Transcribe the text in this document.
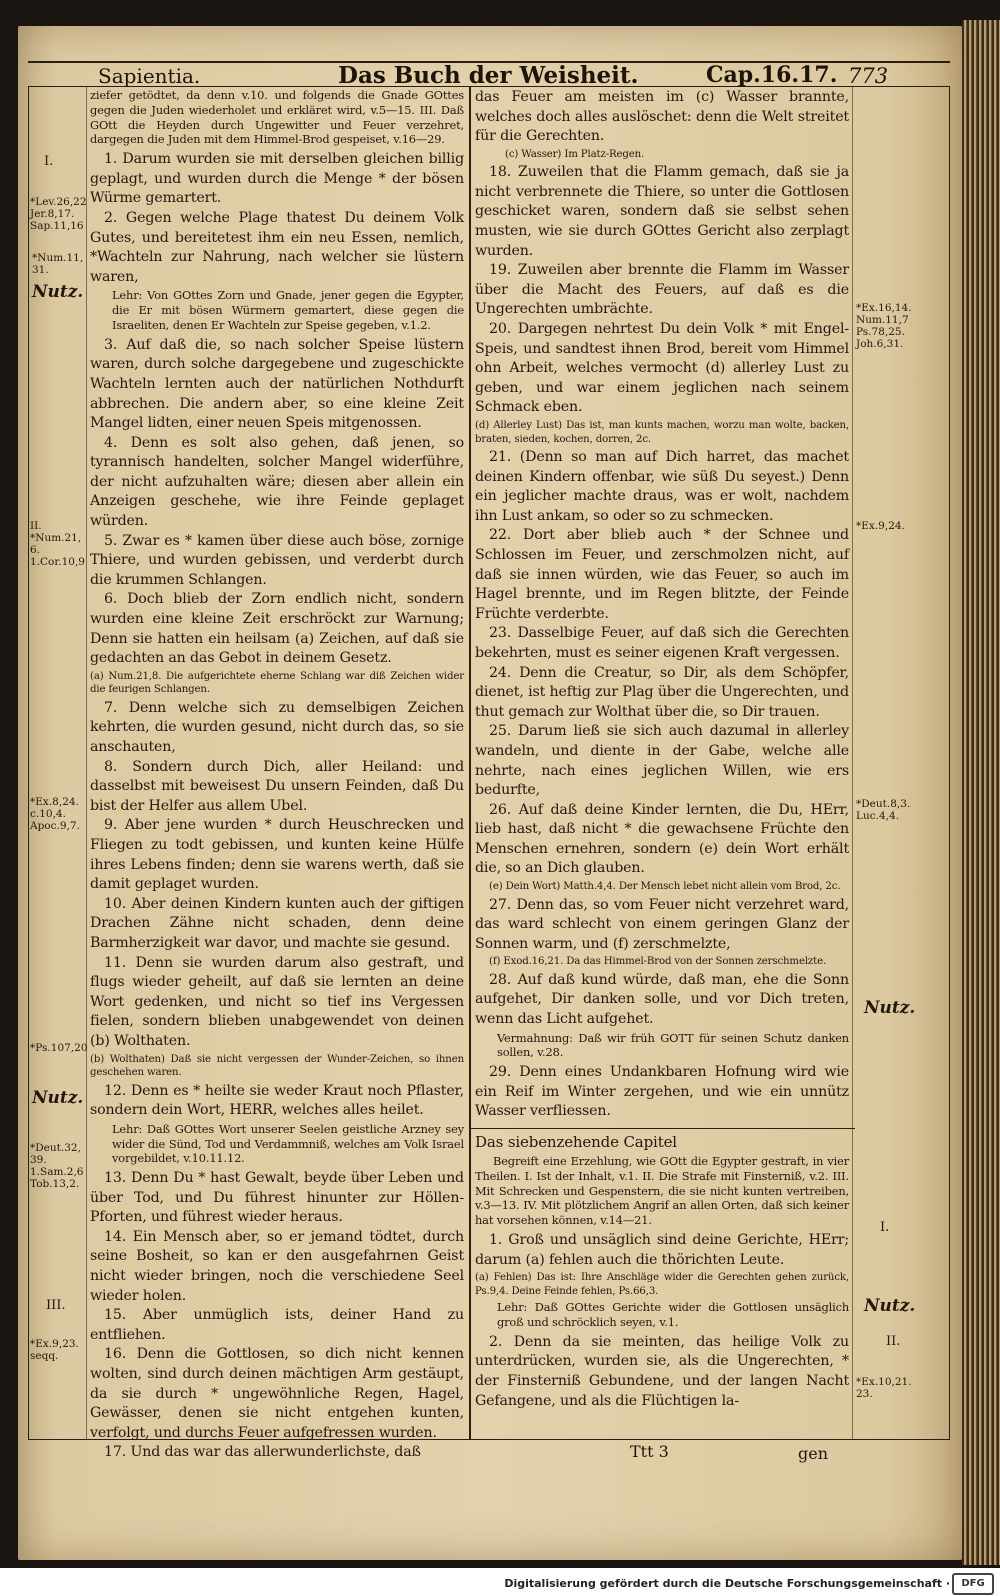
Sapientia.	Das Buch der Weisheit.	Cap.16.17. 773

ziefer getödtet, da denn v.10. und folgends die Gnade GOttes gegen die Juden wiederholet und erkläret wird, v.5—15. III. Daß GOtt die Heyden durch Ungewitter und Feuer verzehret, dargegen die Juden mit dem Himmel-Brod gespeiset, v.16—29.

1. Darum wurden sie mit derselben gleichen billig geplagt, und wurden durch die Menge * der bösen Würme gemartert.

2. Gegen welche Plage thatest Du deinem Volk Gutes, und bereitetest ihm ein neu Essen, nemlich, *Wachteln zur Nahrung, nach welcher sie lüstern waren,

Lehr: Von GOttes Zorn und Gnade, jener gegen die Egypter, die Er mit bösen Würmern gemartert, diese gegen die Israeliten, denen Er Wachteln zur Speise gegeben, v.1.2.

3. Auf daß die, so nach solcher Speise lüstern waren, durch solche dargegebene und zugeschickte Wachteln lernten auch der natürlichen Nothdurft abbrechen. Die andern aber, so eine kleine Zeit Mangel lidten, einer neuen Speis mitgenossen.

4. Denn es solt also gehen, daß jenen, so tyrannisch handelten, solcher Mangel widerführe, der nicht aufzuhalten wäre; diesen aber allein ein Anzeigen geschehe, wie ihre Feinde geplaget würden.

5. Zwar es * kamen über diese auch böse, zornige Thiere, und wurden gebissen, und verderbt durch die krummen Schlangen.

6. Doch blieb der Zorn endlich nicht, sondern wurden eine kleine Zeit erschröckt zur Warnung; Denn sie hatten ein heilsam (a) Zeichen, auf daß sie gedachten an das Gebot in deinem Gesetz.

(a) Num.21,8. Die aufgerichtete eherne Schlang war diß Zeichen wider die feurigen Schlangen.

7. Denn welche sich zu demselbigen Zeichen kehrten, die wurden gesund, nicht durch das, so sie anschauten,

8. Sondern durch Dich, aller Heiland: und dasselbst mit beweisest Du unsern Feinden, daß Du bist der Helfer aus allem Ubel.

9. Aber jene wurden * durch Heuschrecken und Fliegen zu todt gebissen, und kunten keine Hülfe ihres Lebens finden; denn sie warens werth, daß sie damit geplaget wurden.

10. Aber deinen Kindern kunten auch der giftigen Drachen Zähne nicht schaden, denn deine Barmherzigkeit war davor, und machte sie gesund.

11. Denn sie wurden darum also gestraft, und flugs wieder geheilt, auf daß sie lernten an deine Wort gedenken, und nicht so tief ins Vergessen fielen, sondern blieben unabgewendet von deinen (b) Wolthaten.

(b) Wolthaten) Daß sie nicht vergessen der Wunder-Zeichen, so ihnen geschehen waren.

12. Denn es * heilte sie weder Kraut noch Pflaster, sondern dein Wort, HERR, welches alles heilet.

Lehr: Daß GOttes Wort unserer Seelen geistliche Arzney sey wider die Sünd, Tod und Verdammniß, welches am Volk Israel vorgebildet, v.10.11.12.

13. Denn Du * hast Gewalt, beyde über Leben und über Tod, und Du führest hinunter zur Höllen-Pforten, und führest wieder heraus.

14. Ein Mensch aber, so er jemand tödtet, durch seine Bosheit, so kan er den ausgefahrnen Geist nicht wieder bringen, noch die verschiedene Seel wieder holen.

15. Aber unmüglich ists, deiner Hand zu entfliehen.

16. Denn die Gottlosen, so dich nicht kennen wolten, sind durch deinen mächtigen Arm gestäupt, da sie durch * ungewöhnliche Regen, Hagel, Gewässer, denen sie nicht entgehen kunten, verfolgt, und durchs Feuer aufgefressen wurden.

17. Und das war das allerwunderlichste, daß

das Feuer am meisten im (c) Wasser brannte, welches doch alles auslöschet: denn die Welt streitet für die Gerechten.

(c) Wasser) Im Platz-Regen.

18. Zuweilen that die Flamm gemach, daß sie ja nicht verbrennete die Thiere, so unter die Gottlosen geschicket waren, sondern daß sie selbst sehen musten, wie sie durch GOttes Gericht also zerplagt wurden.

19. Zuweilen aber brennte die Flamm im Wasser über die Macht des Feuers, auf daß es die Ungerechten umbrächte.

20. Dargegen nehrtest Du dein Volk * mit Engel-Speis, und sandtest ihnen Brod, bereit vom Himmel ohn Arbeit, welches vermocht (d) allerley Lust zu geben, und war einem jeglichen nach seinem Schmack eben.

(d) Allerley Lust) Das ist, man kunts machen, worzu man wolte, backen, braten, sieden, kochen, dorren, 2c.

21. (Denn so man auf Dich harret, das machet deinen Kindern offenbar, wie süß Du seyest.) Denn ein jeglicher machte draus, was er wolt, nachdem ihn Lust ankam, so oder so zu schmecken.

22. Dort aber blieb auch * der Schnee und Schlossen im Feuer, und zerschmolzen nicht, auf daß sie innen würden, wie das Feuer, so auch im Hagel brennte, und im Regen blitzte, der Feinde Früchte verderbte.

23. Dasselbige Feuer, auf daß sich die Gerechten bekehrten, must es seiner eigenen Kraft vergessen.

24. Denn die Creatur, so Dir, als dem Schöpfer, dienet, ist heftig zur Plag über die Ungerechten, und thut gemach zur Wolthat über die, so Dir trauen.

25. Darum ließ sie sich auch dazumal in allerley wandeln, und diente in der Gabe, welche alle nehrte, nach eines jeglichen Willen, wie ers bedurfte,

26. Auf daß deine Kinder lernten, die Du, HErr, lieb hast, daß nicht * die gewachsene Früchte den Menschen ernehren, sondern (e) dein Wort erhält die, so an Dich glauben.

(e) Dein Wort) Matth.4,4. Der Mensch lebet nicht allein vom Brod, 2c.

27. Denn das, so vom Feuer nicht verzehret ward, das ward schlecht von einem geringen Glanz der Sonnen warm, und (f) zerschmelzte,

(f) Exod.16,21. Da das Himmel-Brod von der Sonnen zerschmelzte.

28. Auf daß kund würde, daß man, ehe die Sonn aufgehet, Dir danken solle, und vor Dich treten, wenn das Licht aufgehet.

Vermahnung: Daß wir früh GOTT für seinen Schutz danken sollen, v.28.

29. Denn eines Undankbaren Hofnung wird wie ein Reif im Winter zergehen, und wie ein unnütz Wasser verfliessen.

Das siebenzehende Capitel

Begreift eine Erzehlung, wie GOtt die Egypter gestraft, in vier Theilen. I. Ist der Inhalt, v.1. II. Die Strafe mit Finsterniß, v.2. III. Mit Schrecken und Gespenstern, die sie nicht kunten vertreiben, v.3—13. IV. Mit plötzlichem Angrif an allen Orten, daß sich keiner hat vorsehen können, v.14—21.

1. Groß und unsäglich sind deine Gerichte, HErr; darum (a) fehlen auch die thörichten Leute.

(a) Fehlen) Das ist: Ihre Anschläge wider die Gerechten gehen zurück, Ps.9,4. Deine Feinde fehlen, Ps.66,3.

Lehr: Daß GOttes Gerichte wider die Gottlosen unsäglich groß und schröcklich seyen, v.1.

2. Denn da sie meinten, das heilige Volk zu unterdrücken, wurden sie, als die Ungerechten, * der Finsterniß Gebundene, und der langen Nacht Gefangene, und als die Flüchtigen la-

I.
*Lev.26,22
Jer.8,17.
Sap.11,16
*Num.11,
31.
Nutz.
II.
*Num.21,
6.
1.Cor.10,9
*Ex.8,24.
c.10,4.
Apoc.9,7.
*Ps.107,20
Nutz.
*Deut.32,
39.
1.Sam.2,6
Tob.13,2.
III.
*Ex.9,23.
seqq.
*Ex.16,14.
Num.11,7
Ps.78,25.
Joh.6,31.
*Ex.9,24.
*Deut.8,3.
Luc.4,4.
Nutz.
I.
Nutz.
II.
*Ex.10,21.
23.
Ttt 3	gen
Digitalisierung gefördert durch die Deutsche Forschungsgemeinschaft ·	DFG
